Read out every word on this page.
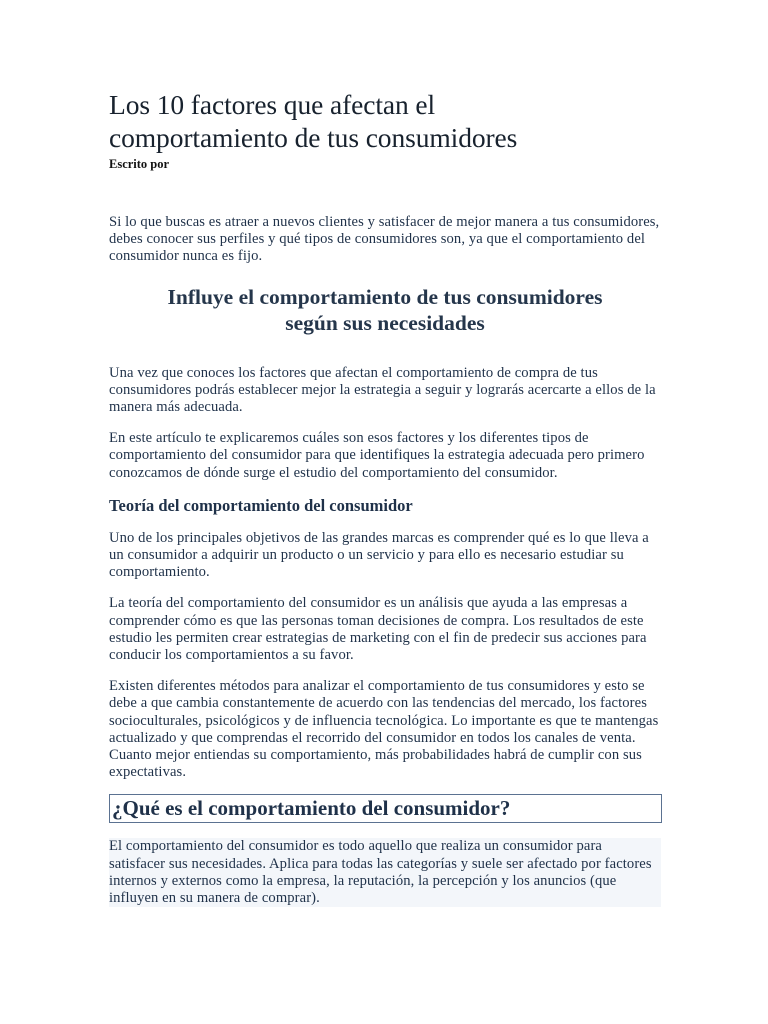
Los 10 factores que afectan el
comportamiento de tus consumidores
Escrito por

Si lo que buscas es atraer a nuevos clientes y satisfacer de mejor manera a tus consumidores, debes conocer sus perfiles y qué tipos de consumidores son, ya que el comportamiento del consumidor nunca es fijo.

Influye el comportamiento de tus consumidores
según sus necesidades

Una vez que conoces los factores que afectan el comportamiento de compra de tus consumidores podrás establecer mejor la estrategia a seguir y lograrás acercarte a ellos de la manera más adecuada.

En este artículo te explicaremos cuáles son esos factores y los diferentes tipos de comportamiento del consumidor para que identifiques la estrategia adecuada pero primero conozcamos de dónde surge el estudio del comportamiento del consumidor.

Teoría del comportamiento del consumidor

Uno de los principales objetivos de las grandes marcas es comprender qué es lo que lleva a un consumidor a adquirir un producto o un servicio y para ello es necesario estudiar su comportamiento.

La teoría del comportamiento del consumidor es un análisis que ayuda a las empresas a comprender cómo es que las personas toman decisiones de compra. Los resultados de este estudio les permiten crear estrategias de marketing con el fin de predecir sus acciones para conducir los comportamientos a su favor.

Existen diferentes métodos para analizar el comportamiento de tus consumidores y esto se debe a que cambia constantemente de acuerdo con las tendencias del mercado, los factores socioculturales, psicológicos y de influencia tecnológica. Lo importante es que te mantengas actualizado y que comprendas el recorrido del consumidor en todos los canales de venta. Cuanto mejor entiendas su comportamiento, más probabilidades habrá de cumplir con sus expectativas.

¿Qué es el comportamiento del consumidor?

El comportamiento del consumidor es todo aquello que realiza un consumidor para satisfacer sus necesidades. Aplica para todas las categorías y suele ser afectado por factores internos y externos como la empresa, la reputación, la percepción y los anuncios (que influyen en su manera de comprar).
